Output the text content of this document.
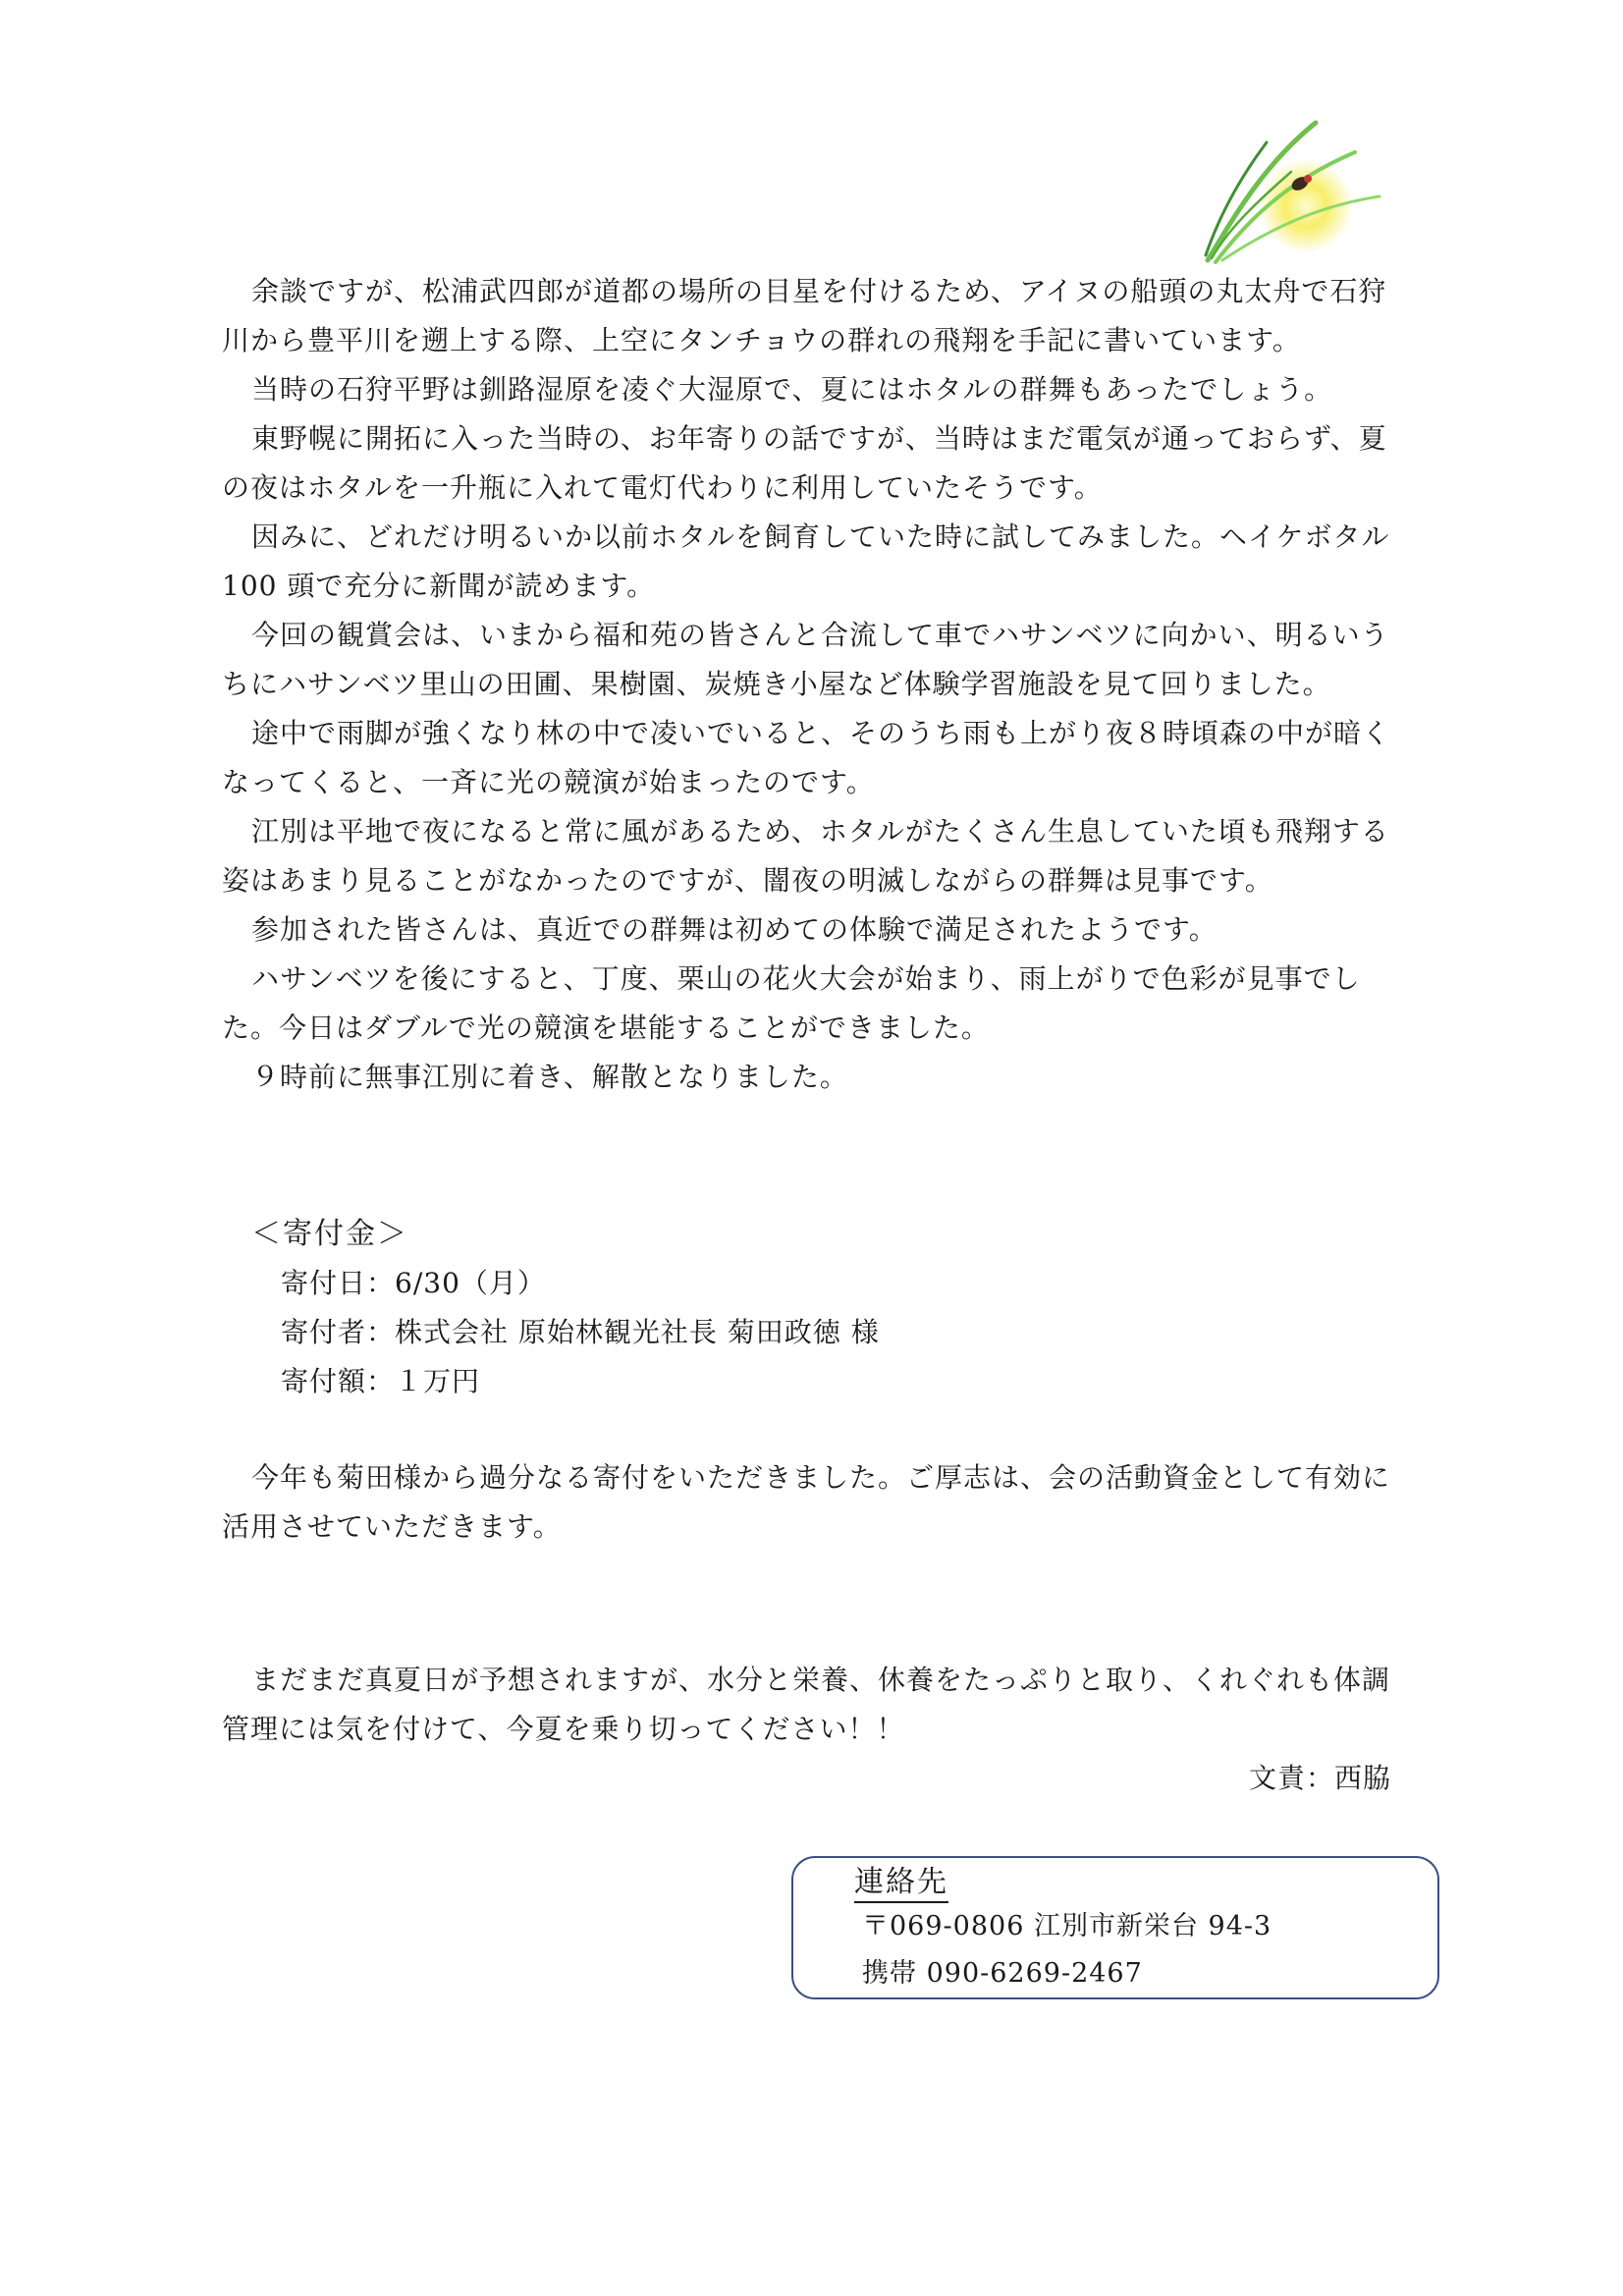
余談ですが、松浦武四郎が道都の場所の目星を付けるため、アイヌの船頭の丸太舟で石狩川から豊平川を遡上する際、上空にタンチョウの群れの飛翔を手記に書いています。

当時の石狩平野は釧路湿原を凌ぐ大湿原で、夏にはホタルの群舞もあったでしょう。

東野幌に開拓に入った当時の、お年寄りの話ですが、当時はまだ電気が通っておらず、夏の夜はホタルを一升瓶に入れて電灯代わりに利用していたそうです。

因みに、どれだけ明るいか以前ホタルを飼育していた時に試してみました。ヘイケボタル 100 頭で充分に新聞が読めます。

今回の観賞会は、いまから福和苑の皆さんと合流して車でハサンベツに向かい、明るいうちにハサンベツ里山の田圃、果樹園、炭焼き小屋など体験学習施設を見て回りました。

途中で雨脚が強くなり林の中で凌いでいると、そのうち雨も上がり夜８時頃森の中が暗くなってくると、一斉に光の競演が始まったのです。

江別は平地で夜になると常に風があるため、ホタルがたくさん生息していた頃も飛翔する姿はあまり見ることがなかったのですが、闇夜の明滅しながらの群舞は見事です。

参加された皆さんは、真近での群舞は初めての体験で満足されたようです。

ハサンベツを後にすると、丁度、栗山の花火大会が始まり、雨上がりで色彩が見事でした。今日はダブルで光の競演を堪能することができました。

９時前に無事江別に着き、解散となりました。

＜寄付金＞

寄付日：6/30（月）

寄付者：株式会社 原始林観光社長 菊田政徳 様

寄付額：１万円

今年も菊田様から過分なる寄付をいただきました。ご厚志は、会の活動資金として有効に活用させていただきます。

まだまだ真夏日が予想されますが、水分と栄養、休養をたっぷりと取り、くれぐれも体調管理には気を付けて、今夏を乗り切ってください！！

文責：西脇
連絡先

〒069-0806 江別市新栄台 94-3

携帯 090-6269-2467
